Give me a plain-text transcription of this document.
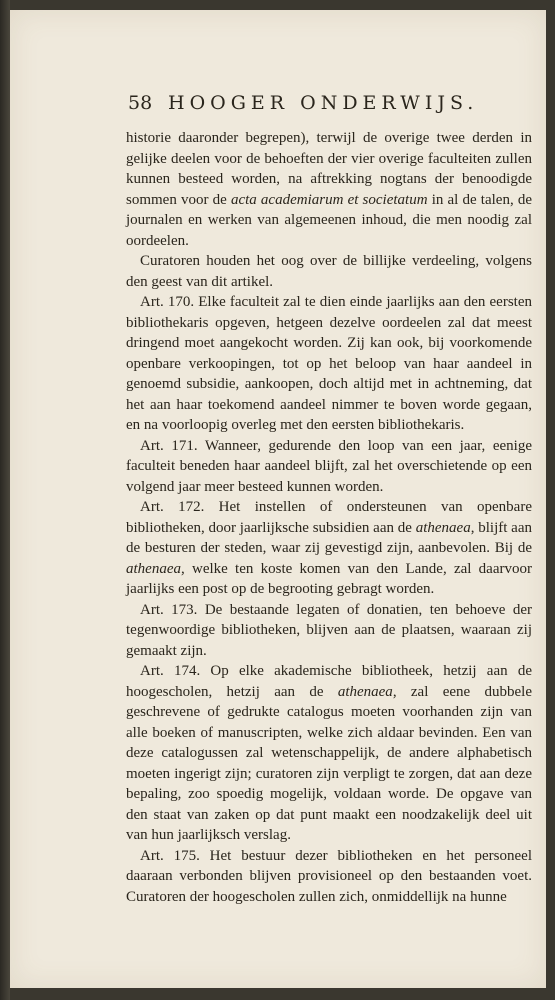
58 HOOGER ONDERWIJS.

historie daaronder begrepen), terwijl de overige twee derden in gelijke deelen voor de behoeften der vier overige faculteiten zullen kunnen besteed worden, na aftrekking nogtans der benoodigde sommen voor de acta academiarum et societatum in al de talen, de journalen en werken van algemeenen inhoud, die men noodig zal oordeelen.

Curatoren houden het oog over de billijke verdeeling, volgens den geest van dit artikel.

Art. 170. Elke faculteit zal te dien einde jaarlijks aan den eersten bibliothekaris opgeven, hetgeen dezelve oordeelen zal dat meest dringend moet aangekocht worden. Zij kan ook, bij voorkomende openbare verkoopingen, tot op het beloop van haar aandeel in genoemd subsidie, aankoopen, doch altijd met in achtneming, dat het aan haar toekomend aandeel nimmer te boven worde gegaan, en na voorloopig overleg met den eersten bibliothekaris.

Art. 171. Wanneer, gedurende den loop van een jaar, eenige faculteit beneden haar aandeel blijft, zal het overschietende op een volgend jaar meer besteed kunnen worden.

Art. 172. Het instellen of ondersteunen van openbare bibliotheken, door jaarlijksche subsidien aan de athenaea, blijft aan de besturen der steden, waar zij gevestigd zijn, aanbevolen. Bij de athenaea, welke ten koste komen van den Lande, zal daarvoor jaarlijks een post op de begrooting gebragt worden.

Art. 173. De bestaande legaten of donatien, ten behoeve der tegenwoordige bibliotheken, blijven aan de plaatsen, waaraan zij gemaakt zijn.

Art. 174. Op elke akademische bibliotheek, hetzij aan de hoogescholen, hetzij aan de athenaea, zal eene dubbele geschrevene of gedrukte catalogus moeten voorhanden zijn van alle boeken of manuscripten, welke zich aldaar bevinden. Een van deze catalogussen zal wetenschappelijk, de andere alphabetisch moeten ingerigt zijn; curatoren zijn verpligt te zorgen, dat aan deze bepaling, zoo spoedig mogelijk, voldaan worde. De opgave van den staat van zaken op dat punt maakt een noodzakelijk deel uit van hun jaarlijksch verslag.

Art. 175. Het bestuur dezer bibliotheken en het personeel daaraan verbonden blijven provisioneel op den bestaanden voet. Curatoren der hoogescholen zullen zich, onmiddellijk na hunne
